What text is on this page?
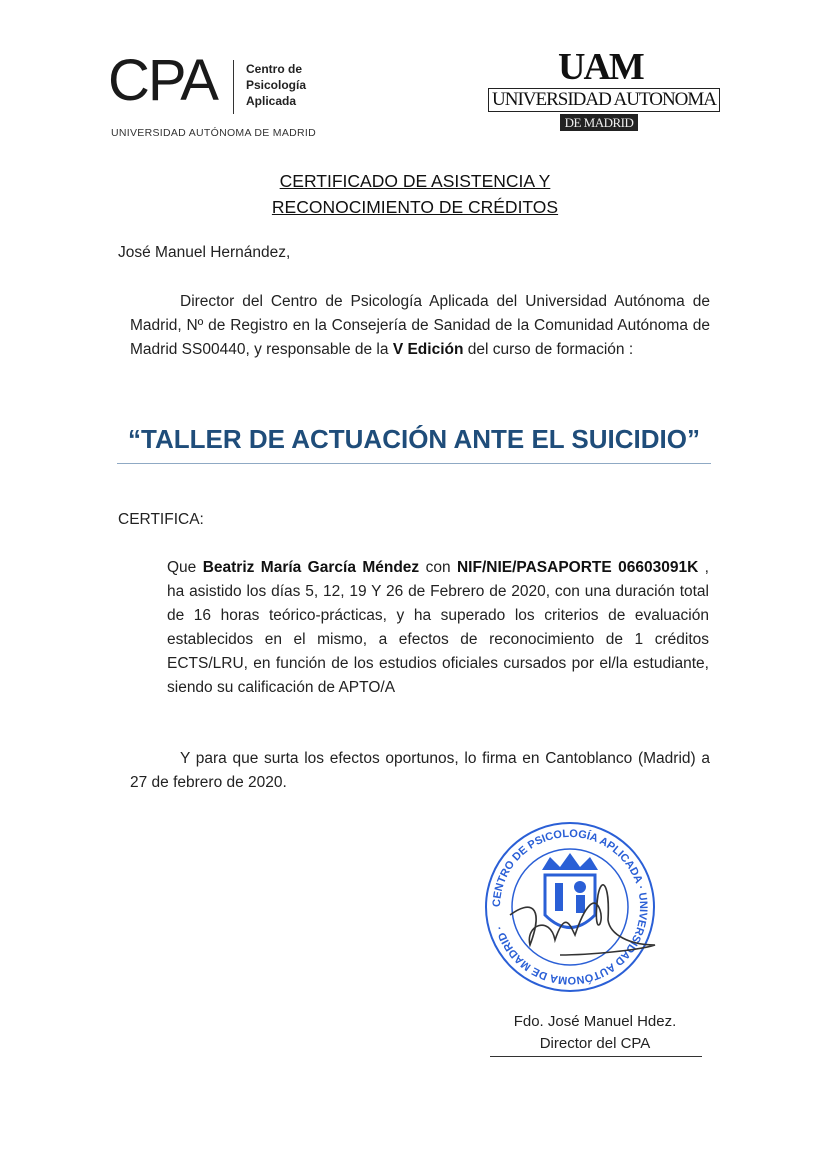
CPA Centro de
Psicología
Aplicada
UNIVERSIDAD AUTÓNOMA DE MADRID
UAM
UNIVERSIDAD AUTONOMA
DE MADRID
CERTIFICADO DE ASISTENCIA Y
RECONOCIMIENTO DE CRÉDITOS
José Manuel Hernández,
Director del Centro de Psicología Aplicada del Universidad Autónoma de Madrid, Nº de Registro en la Consejería de Sanidad de la Comunidad Autónoma de Madrid SS00440, y responsable de la V Edición del curso de formación :
“TALLER DE ACTUACIÓN ANTE EL SUICIDIO”
CERTIFICA:
Que Beatriz María García Méndez con NIF/NIE/PASAPORTE 06603091K , ha asistido los días 5, 12, 19 Y 26 de Febrero de 2020, con una duración total de 16 horas teórico-prácticas, y ha superado los criterios de evaluación establecidos en el mismo, a efectos de reconocimiento de 1 créditos ECTS/LRU, en función de los estudios oficiales cursados por el/la estudiante, siendo su calificación de APTO/A
Y para que surta los efectos oportunos, lo firma en Cantoblanco (Madrid) a 27 de febrero de 2020.
CENTRO DE PSICOLOGÍA APLICADA · UNIVERSIDAD AUTÓNOMA DE MADRID ·
Fdo. José Manuel Hdez.
Director del CPA
